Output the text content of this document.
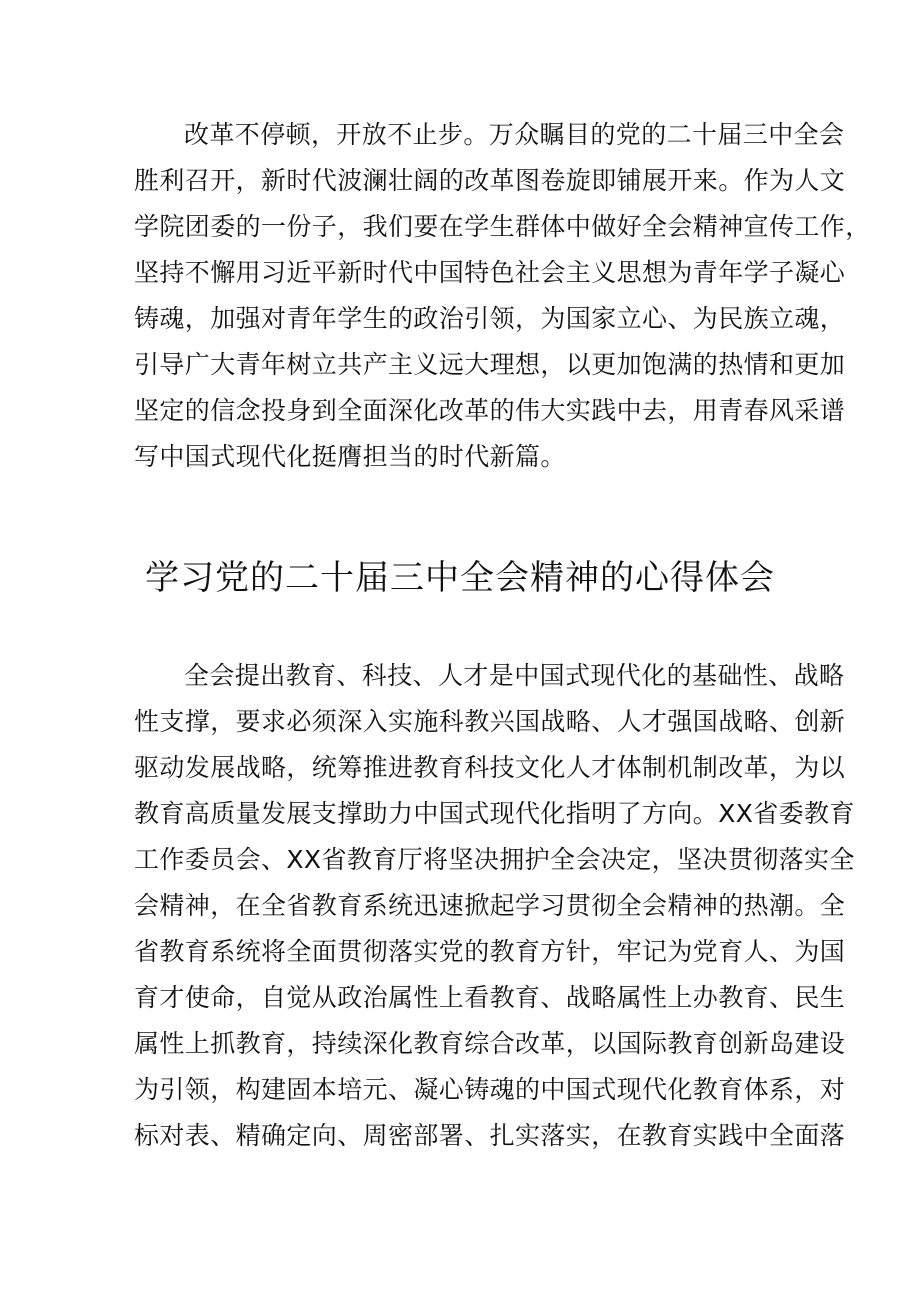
改革不停顿，开放不止步。万众瞩目的党的二十届三中全会
胜利召开，新时代波澜壮阔的改革图卷旋即铺展开来。作为人文
学院团委的一份子，我们要在学生群体中做好全会精神宣传工作，
坚持不懈用习近平新时代中国特色社会主义思想为青年学子凝心
铸魂，加强对青年学生的政治引领，为国家立心、为民族立魂，
引导广大青年树立共产主义远大理想，以更加饱满的热情和更加
坚定的信念投身到全面深化改革的伟大实践中去，用青春风采谱
写中国式现代化挺膺担当的时代新篇。
学习党的二十届三中全会精神的心得体会
全会提出教育、科技、人才是中国式现代化的基础性、战略
性支撑，要求必须深入实施科教兴国战略、人才强国战略、创新
驱动发展战略，统筹推进教育科技文化人才体制机制改革，为以
教育高质量发展支撑助力中国式现代化指明了方向。XX省委教育
工作委员会、XX省教育厅将坚决拥护全会决定，坚决贯彻落实全
会精神，在全省教育系统迅速掀起学习贯彻全会精神的热潮。全
省教育系统将全面贯彻落实党的教育方针，牢记为党育人、为国
育才使命，自觉从政治属性上看教育、战略属性上办教育、民生
属性上抓教育，持续深化教育综合改革，以国际教育创新岛建设
为引领，构建固本培元、凝心铸魂的中国式现代化教育体系，对
标对表、精确定向、周密部署、扎实落实，在教育实践中全面落
